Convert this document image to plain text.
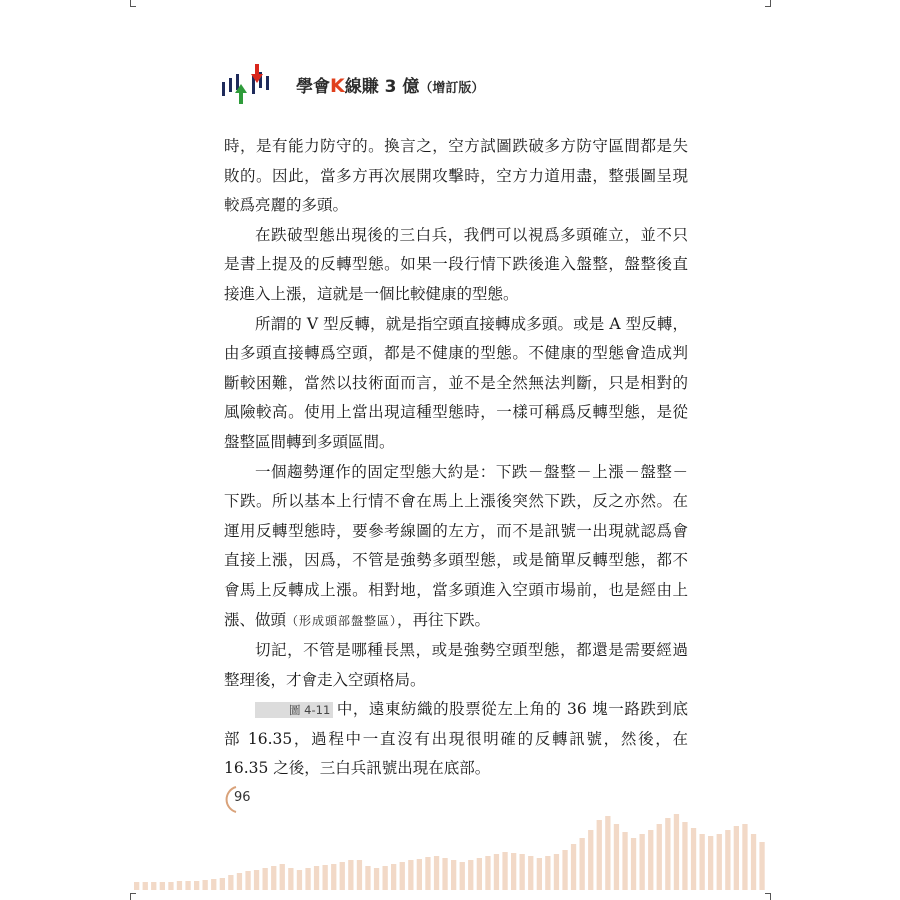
學會K線賺 3 億（增訂版）

時，是有能力防守的。換言之，空方試圖跌破多方防守區間都是失敗的。因此，當多方再次展開攻擊時，空方力道用盡，整張圖呈現較爲亮麗的多頭。

在跌破型態出現後的三白兵，我們可以視爲多頭確立，並不只是書上提及的反轉型態。如果一段行情下跌後進入盤整，盤整後直接進入上漲，這就是一個比較健康的型態。

所謂的 V 型反轉，就是指空頭直接轉成多頭。或是 A 型反轉，由多頭直接轉爲空頭，都是不健康的型態。不健康的型態會造成判斷較困難，當然以技術面而言，並不是全然無法判斷，只是相對的風險較高。使用上當出現這種型態時，一樣可稱爲反轉型態，是從盤整區間轉到多頭區間。

一個趨勢運作的固定型態大約是：下跌－盤整－上漲－盤整－下跌。所以基本上行情不會在馬上上漲後突然下跌，反之亦然。在運用反轉型態時，要參考線圖的左方，而不是訊號一出現就認爲會直接上漲，因爲，不管是強勢多頭型態，或是簡單反轉型態，都不會馬上反轉成上漲。相對地，當多頭進入空頭市場前，也是經由上漲、做頭（形成頭部盤整區），再往下跌。

切記，不管是哪種長黑，或是強勢空頭型態，都還是需要經過整理後，才會走入空頭格局。

圖 4-11 中，遠東紡織的股票從左上角的 36 塊一路跌到底部 16.35，過程中一直沒有出現很明確的反轉訊號，然後，在 16.35 之後，三白兵訊號出現在底部。

96
